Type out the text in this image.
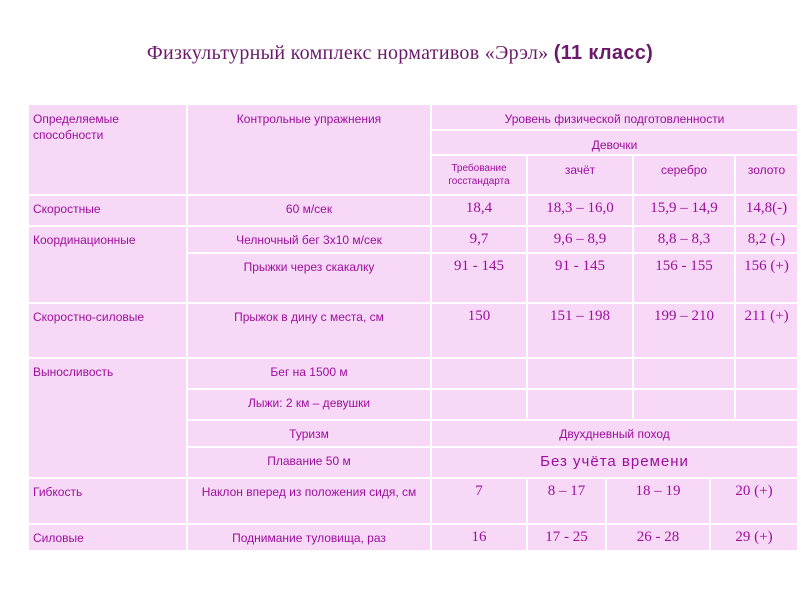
Физкультурный комплекс нормативов «Эрэл» (11 класс)
Определяемые способности	Контрольные упражнения	Уровень физической подготовленности					
		Девочки					
		Требование госстандарта	зачёт		серебро		золото
Скоростные	60 м/сек	18,4	18,3 – 16,0		15,9 – 14,9		14,8(-)
Координационные	Челночный бег 3х10 м/сек	9,7	9,6 – 8,9		8,8 – 8,3		8,2 (-)
	Прыжки через скакалку	91 - 145	91 - 145		156 - 155		156 (+)
Скоростно-силовые	Прыжок в дину с места, см	150	151 – 198		199 – 210		211 (+)
Выносливость	Бег на 1500 м						
	Лыжи: 2 км – девушки						
	Туризм	Двухдневный поход					
	Плавание 50 м	Без учёта времени					
Гибкость	Наклон вперед из положения сидя, см	7	8 – 17	18 – 19		20 (+)	
Силовые	Поднимание туловища, раз	16	17 - 25	26 - 28		29 (+)	
